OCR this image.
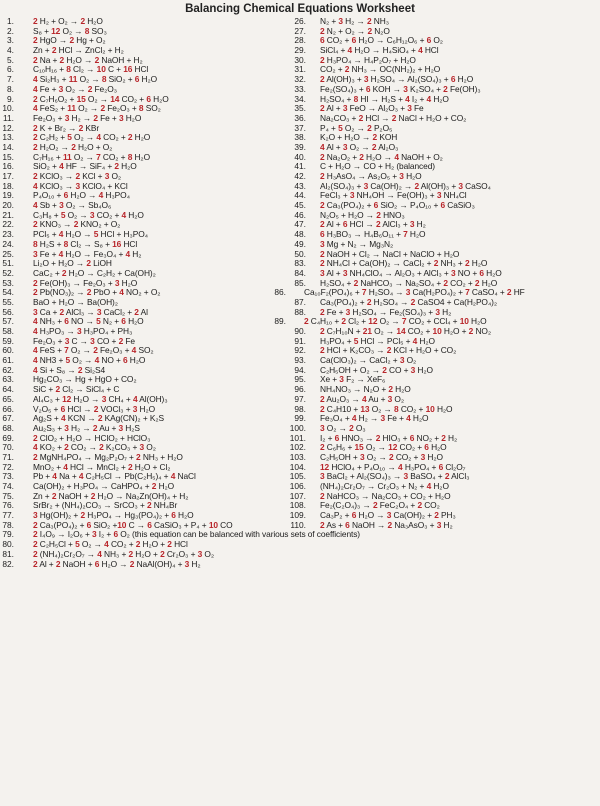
Balancing Chemical Equations Worksheet
1. 2 H₂ + O₂ → 2 H₂O
2. S₈ + 12 O₂ → 8 SO₃
3. 2 HgO → 2 Hg + O₂
4. Zn + 2 HCl → ZnCl₂ + H₂
5. 2 Na + 2 H₂O → 2 NaOH + H₂
6. C₁₀H₁₆ + 8 Cl₂ → 10 C + 16 HCl
7. 4 Si₂H₃ + 11 O₂ → 8 SiO₂ + 6 H₂O
8. 4 Fe + 3 O₂ → 2 Fe₂O₃
9. 2 C₇H₆O₂ + 15 O₂ → 14 CO₂ + 6 H₂O
10. 4 FeS₂ + 11 O₂ → 2 Fe₂O₃ + 8 SO₂
11. Fe₂O₃ + 3 H₂ → 2 Fe + 3 H₂O
12. 2 K + Br₂ → 2 KBr
13. 2 C₂H₂ + 5 O₂ → 4 CO₂ + 2 H₂O
14. 2 H₂O₂ → 2 H₂O + O₂
15. C₇H₁₆ + 11 O₂ → 7 CO₂ + 8 H₂O
16. SiO₂ + 4 HF → SiF₄ + 2 H₂O
17. 2 KClO₃ → 2 KCl + 3 O₂
18. 4 KClO₃ → 3 KClO₄ + KCl
19. P₄O₁₀ + 6 H₂O → 4 H₃PO₄
20. 4 Sb + 3 O₂ → Sb₄O₆
21. C₃H₈ + 5 O₂ → 3 CO₂ + 4 H₂O
22. 2 KNO₃ → 2 KNO₂ + O₂
23. PCl₅ + 4 H₂O → 5 HCl + H₃PO₄
24. 8 H₂S + 8 Cl₂ → S₈ + 16 HCl
25. 3 Fe + 4 H₂O → Fe₃O₄ + 4 H₂
51. Li₂O + H₂O → 2 LiOH
52. CaC₂ + 2 H₂O → C₂H₂ + Ca(OH)₂
53. 2 Fe(OH)₃ → Fe₂O₃ + 3 H₂O
54. 2 Pb(NO₃)₂ → 2 PbO + 4 NO₂ + O₂
55. BaO + H₂O → Ba(OH)₂
56. 3 Ca + 2 AlCl₃ → 3 CaCl₂ + 2 Al
57. 4 NH₃ + 6 NO → 5 N₂ + 6 H₂O
58. 4 H₃PO₃ → 3 H₃PO₄ + PH₃
59. Fe₂O₃ + 3 C → 3 CO + 2 Fe
60. 4 FeS + 7 O₂ → 2 Fe₂O₃ + 4 SO₂
61. 4 NH3 + 5 O₂ → 4 NO + 6 H₂O
62. 4 Si + S₈ → 2 Si₂S4
63. Hg₂CO₃ → Hg + HgO + CO₂
64. SiC + 2 Cl₂ → SiCl₄ + C
65. Al₄C₃ + 12 H₂O → 3 CH₄ + 4 Al(OH)₃
66. V₂O₅ + 6 HCl → 2 VOCl₃ + 3 H₂O
67. Ag₂S + 4 KCN → 2 KAg(CN)₂ + K₂S
68. Au₂S₃ + 3 H₂ → 2 Au + 3 H₂S
69. 2 ClO₂ + H₂O → HClO₂ + HClO₃
70. 4 KO₂ + 2 CO₂ → 2 K₂CO₃ + 3 O₂
71. 2 MgNH₄PO₄ → Mg₂P₂O₇ + 2 NH₃ + H₂O
72. MnO₂ + 4 HCl → MnCl₂ + 2 H₂O + Cl₂
73. Pb + 4 Na + 4 C₂H₅Cl → Pb(C₂H₅)₄ + 4 NaCl
74. Ca(OH)₂ + H₃PO₄ → CaHPO₄ + 2 H₂O
75. Zn + 2 NaOH + 2 H₂O → Na₂Zn(OH)₄ + H₂
76. SrBr₂ + (NH₄)₂CO₃ → SrCO₃ + 2 NH₄Br
77. 3 Hg(OH)₂ + 2 H₃PO₄ → Hg₃(PO₄)₂ + 6 H₂O
78. 2 Ca₃(PO₄)₂ + 6 SiO₂ +10 C → 6 CaSiO₃ + P₄ + 10 CO
79. 2 I₄O₉ → I₂O₆ + 3 I₂ + 6 O₂ (this equation can be balanced with various sets of coefficients)
80. 2 C₂H₅Cl + 5 O₂ → 4 CO₂ + 2 H₂O + 2 HCl
81. 2 (NH₄)₂Cr₂O₇ → 4 NH₃ + 2 H₂O + 2 Cr₂O₃ + 3 O₂
82. 2 Al + 2 NaOH + 6 H₂O → 2 NaAl(OH)₄ + 3 H₂
26. N₂ + 3 H₂ → 2 NH₃
27. 2 N₂ + O₂ → 2 N₂O
28. 6 CO₂ + 6 H₂O → C₆H₁₂O₆ + 6 O₂
29. SiCl₄ + 4 H₂O → H₄SiO₄ + 4 HCl
30. 2 H₃PO₄ → H₄P₂O₇ + H₂O
31. CO₂ + 2 NH₃ → OC(NH₂)₂ + H₂O
32. 2 Al(OH)₃ + 3 H₂SO₄ → Al₂(SO₄)₃ + 6 H₂O
33. Fe₂(SO₄)₃ + 6 KOH → 3 K₂SO₄ + 2 Fe(OH)₃
34. H₂SO₄ + 8 HI → H₂S + 4 I₂ + 4 H₂O
35. 2 Al + 3 FeO → Al₂O₃ + 3 Fe
36. Na₂CO₃ + 2 HCl → 2 NaCl + H₂O + CO₂
37. P₄ + 5 O₂ → 2 P₂O₅
38. K₂O + H₂O → 2 KOH
39. 4 Al + 3 O₂ → 2 Al₂O₃
40. 2 Na₂O₂ + 2 H₂O → 4 NaOH + O₂
41. C + H₂O → CO + H₂ (balanced)
42. 2 H₃AsO₄ → As₂O₅ + 3 H₂O
43. Al₂(SO₄)₃ + 3 Ca(OH)₂ → 2 Al(OH)₃ + 3 CaSO₄
44. FeCl₃ + 3 NH₄OH → Fe(OH)₃ + 3 NH₄Cl
45. 2 Ca₃(PO₄)₂ + 6 SiO₂ → P₄O₁₀ + 6 CaSiO₃
46. N₂O₅ + H₂O → 2 HNO₃
47. 2 Al + 6 HCl → 2 AlCl₃ + 3 H₂
48. 6 H₃BO₃ → H₄B₆O₁₁ + 7 H₂O
49. 3 Mg + N₂ → Mg₃N₂
50. 2 NaOH + Cl₂ → NaCl + NaClO + H₂O
83. 2 NH₄Cl + Ca(OH)₂ → CaCl₂ + 2 NH₃ + 2 H₂O
84. 3 Al + 3 NH₄ClO₄ → Al₂O₃ + AlCl₃ + 3 NO + 6 H₂O
85. H₂SO₄ + 2 NaHCO₃ → Na₂SO₄ + 2 CO₂ + 2 H₂O
86. Ca₁₀F₂(PO₄)₆ + 7 H₂SO₄ → 3 Ca(H₂PO₄)₂ + 7 CaSO₄ + 2 HF
87. Ca₃(PO₄)₂ + 2 H₂SO₄ → 2 CaSO4 + Ca(H₂PO₄)₂
88. 2 Fe + 3 H₂SO₄ → Fe₂(SO₄)₃ + 3 H₂
89. 2 C₄H₁₀ + 2 Cl₂ + 12 O₂ → 7 CO₂ + CCl₄ + 10 H₂O
90. 2 C₇H₁₀N + 21 O₂ → 14 CO₂ + 10 H₂O + 2 NO₂
91. H₃PO₄ + 5 HCl → PCl₅ + 4 H₂O
92. 2 HCl + K₂CO₃ → 2 KCl + H₂O + CO₂
93. Ca(ClO₃)₂ → CaCl₂ + 3 O₂
94. C₂H₅OH + O₂ → 2 CO + 3 H₂O
95. Xe + 3 F₂ → XeF₆
96. NH₄NO₃ → N₂O + 2 H₂O
97. 2 Au₂O₃ → 4 Au + 3 O₂
98. 2 C₄H10 + 13 O₂ → 8 CO₂ + 10 H₂O
99. Fe₃O₄ + 4 H₂ → 3 Fe + 4 H₂O
100. 3 O₂ → 2 O₃
101. I₂ + 6 HNO₃ → 2 HIO₃ + 6 NO₂ + 2 H₂
102. 2 C₆H₆ + 15 O₂ → 12 CO₂ + 6 H₂O
103. C₂H₅OH + 3 O₂ → 2 CO₂ + 3 H₂O
104. 12 HClO₄ + P₄O₁₀ → 4 H₃PO₄ + 6 Cl₂O₇
105. 3 BaCl₂ + Al₂(SO₄)₃ → 3 BaSO₄ + 2 AlCl₃
106. (NH₄)₂Cr₂O₇ → Cr₂O₃ + N₂ + 4 H₂O
107. 2 NaHCO₃ → Na₂CO₃ + CO₂ + H₂O
108. Fe₂(C₂O₄)₃ → 2 FeC₂O₄ + 2 CO₂
109. Ca₃P₂ + 6 H₂O → 3 Ca(OH)₂ + 2 PH₃
110. 2 As + 6 NaOH → 2 Na₃AsO₃ + 3 H₂
